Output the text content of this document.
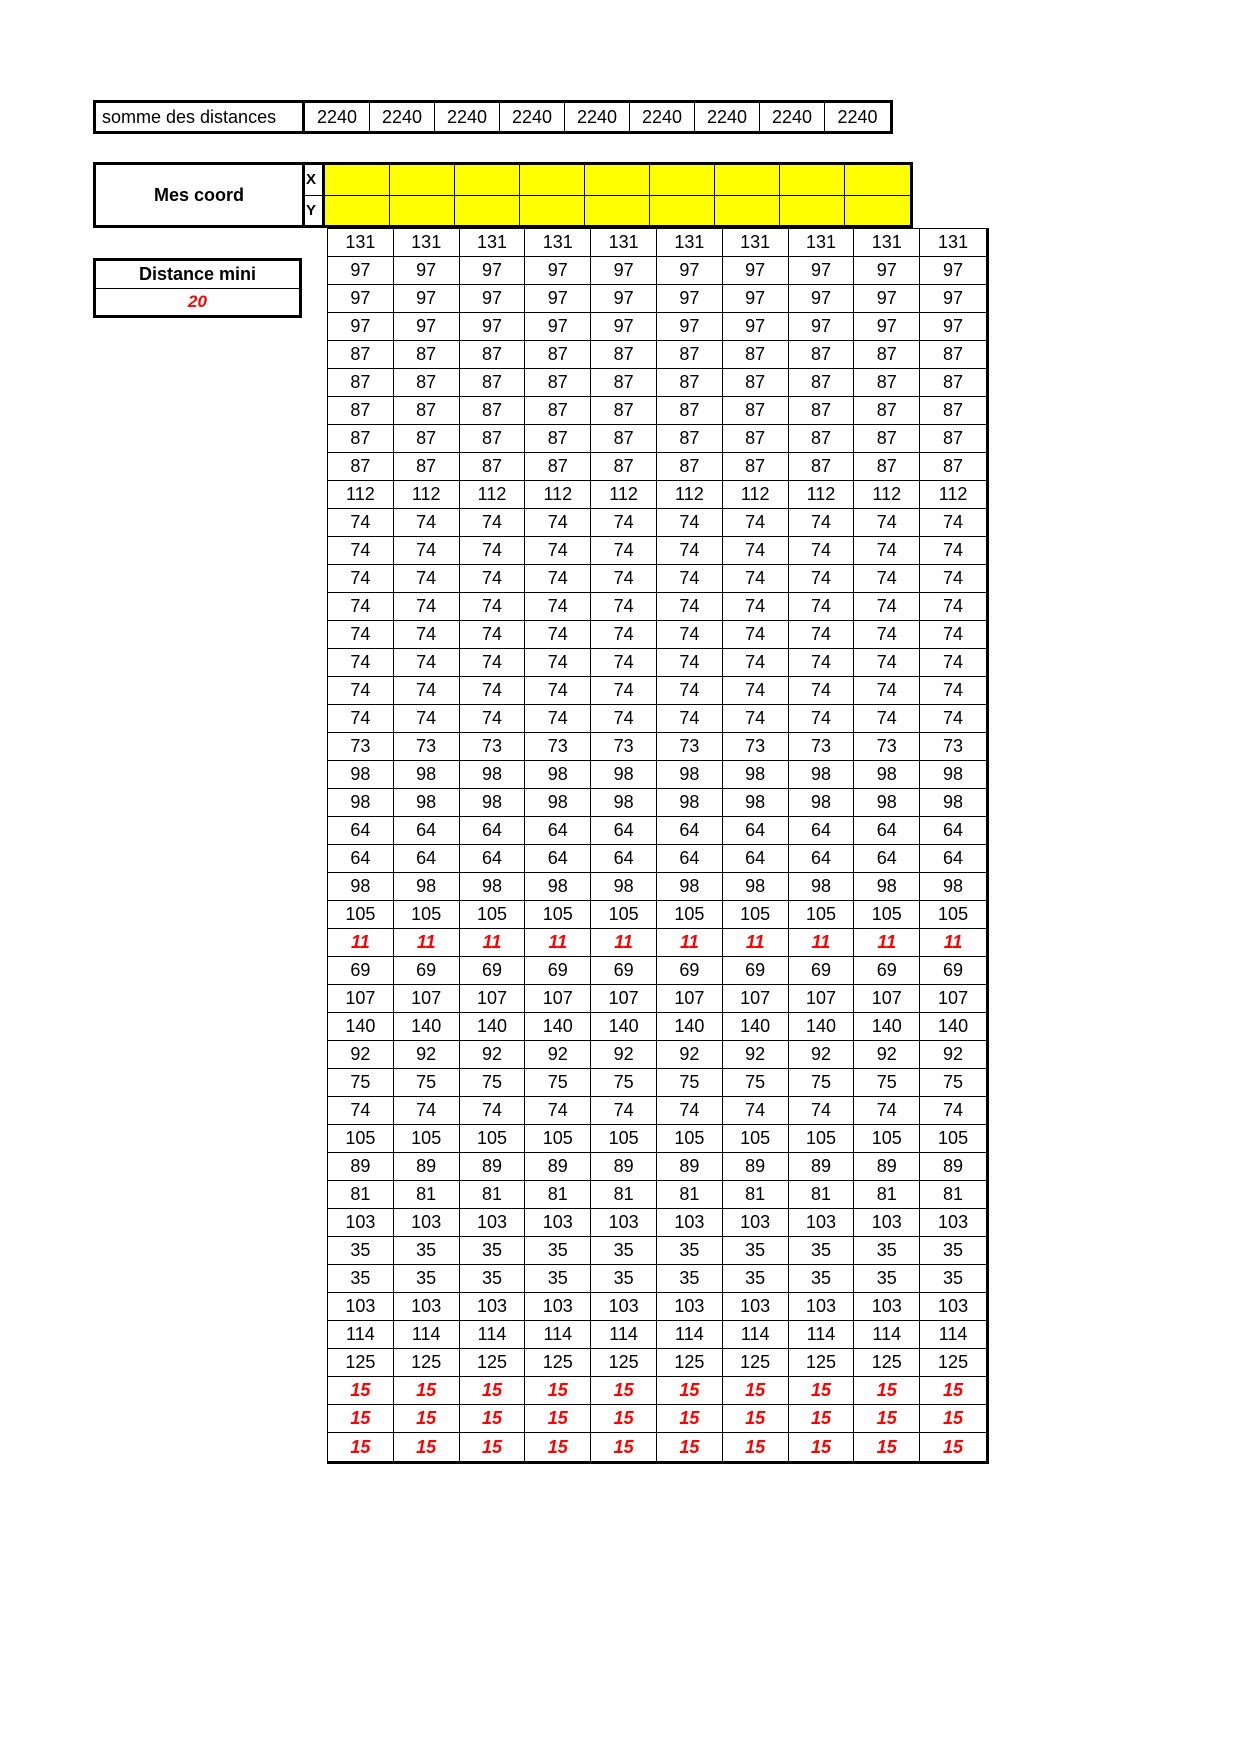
somme des distances	2240	2240	2240	2240	2240	2240	2240	2240	2240
Mes coord
X
Y
Distance mini
20
131	131	131	131	131	131	131	131	131	131
97	97	97	97	97	97	97	97	97	97
97	97	97	97	97	97	97	97	97	97
97	97	97	97	97	97	97	97	97	97
87	87	87	87	87	87	87	87	87	87
87	87	87	87	87	87	87	87	87	87
87	87	87	87	87	87	87	87	87	87
87	87	87	87	87	87	87	87	87	87
87	87	87	87	87	87	87	87	87	87
112	112	112	112	112	112	112	112	112	112
74	74	74	74	74	74	74	74	74	74
74	74	74	74	74	74	74	74	74	74
74	74	74	74	74	74	74	74	74	74
74	74	74	74	74	74	74	74	74	74
74	74	74	74	74	74	74	74	74	74
74	74	74	74	74	74	74	74	74	74
74	74	74	74	74	74	74	74	74	74
74	74	74	74	74	74	74	74	74	74
73	73	73	73	73	73	73	73	73	73
98	98	98	98	98	98	98	98	98	98
98	98	98	98	98	98	98	98	98	98
64	64	64	64	64	64	64	64	64	64
64	64	64	64	64	64	64	64	64	64
98	98	98	98	98	98	98	98	98	98
105	105	105	105	105	105	105	105	105	105
11	11	11	11	11	11	11	11	11	11
69	69	69	69	69	69	69	69	69	69
107	107	107	107	107	107	107	107	107	107
140	140	140	140	140	140	140	140	140	140
92	92	92	92	92	92	92	92	92	92
75	75	75	75	75	75	75	75	75	75
74	74	74	74	74	74	74	74	74	74
105	105	105	105	105	105	105	105	105	105
89	89	89	89	89	89	89	89	89	89
81	81	81	81	81	81	81	81	81	81
103	103	103	103	103	103	103	103	103	103
35	35	35	35	35	35	35	35	35	35
35	35	35	35	35	35	35	35	35	35
103	103	103	103	103	103	103	103	103	103
114	114	114	114	114	114	114	114	114	114
125	125	125	125	125	125	125	125	125	125
15	15	15	15	15	15	15	15	15	15
15	15	15	15	15	15	15	15	15	15
15	15	15	15	15	15	15	15	15	15
